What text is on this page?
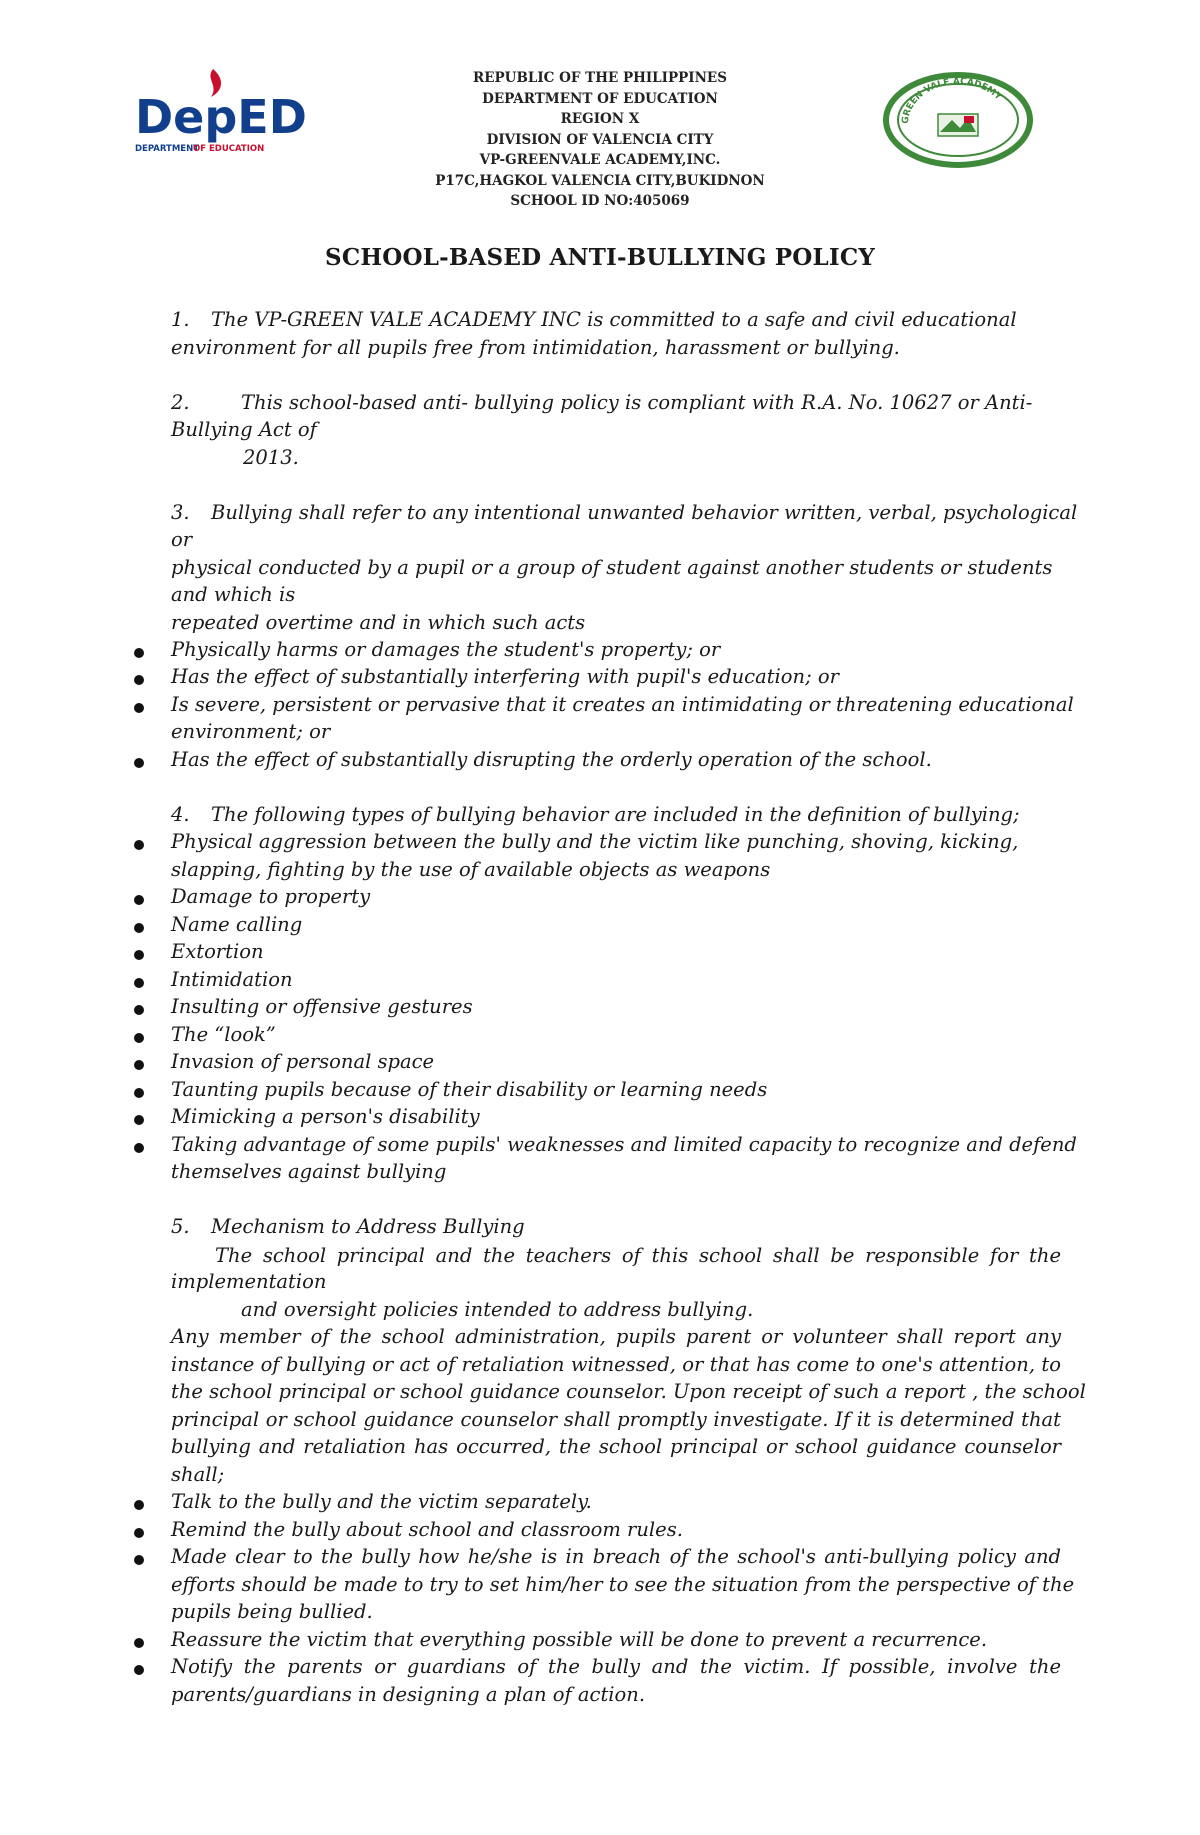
DepED
DEPARTMENT
OF EDUCATION
REPUBLIC OF THE PHILIPPINES
DEPARTMENT OF EDUCATION
REGION X
DIVISION OF VALENCIA CITY
VP-GREENVALE ACADEMY,INC.
P17C,HAGKOL VALENCIA CITY,BUKIDNON
SCHOOL ID NO:405069
GREEN VALE ACADEMY
SCHOOL-BASED ANTI-BULLYING POLICY
1. The VP-GREEN VALE ACADEMY INC is committed to a safe and civil educational
environment for all pupils free from intimidation, harassment or bullying.
2.	This school-based anti- bullying policy is compliant with R.A. No. 10627 or Anti-
Bullying Act of
2013.
3. Bullying shall refer to any intentional unwanted behavior written, verbal, psychological
or
physical conducted by a pupil or a group of student against another students or students
and which is
repeated overtime and in which such acts
Physically harms or damages the student's property; or
Has the effect of substantially interfering with pupil's education; or
Is severe, persistent or pervasive that it creates an intimidating or threatening educational
environment; or
Has the effect of substantially disrupting the orderly operation of the school.
4. The following types of bullying behavior are included in the definition of bullying;
Physical aggression between the bully and the victim like punching, shoving, kicking,
slapping, fighting by the use of available objects as weapons
Damage to property
Name calling
Extortion
Intimidation
Insulting or offensive gestures
The “look”
Invasion of personal space
Taunting pupils because of their disability or learning needs
Mimicking a person's disability
Taking advantage of some pupils' weaknesses and limited capacity to recognize and defend
themselves against bullying
5. Mechanism to Address Bullying
The school principal and the teachers of this school shall be responsible for the
implementation
and oversight policies intended to address bullying.
Any member of the school administration, pupils parent or volunteer shall report any
instance of bullying or act of retaliation witnessed, or that has come to one's attention, to
the school principal or school guidance counselor. Upon receipt of such a report , the school
principal or school guidance counselor shall promptly investigate. If it is determined that
bullying and retaliation has occurred, the school principal or school guidance counselor
shall;
Talk to the bully and the victim separately.
Remind the bully about school and classroom rules.
Made clear to the bully how he/she is in breach of the school's anti-bullying policy and
efforts should be made to try to set him/her to see the situation from the perspective of the
pupils being bullied.
Reassure the victim that everything possible will be done to prevent a recurrence.
Notify the parents or guardians of the bully and the victim. If possible, involve the
parents/guardians in designing a plan of action.
